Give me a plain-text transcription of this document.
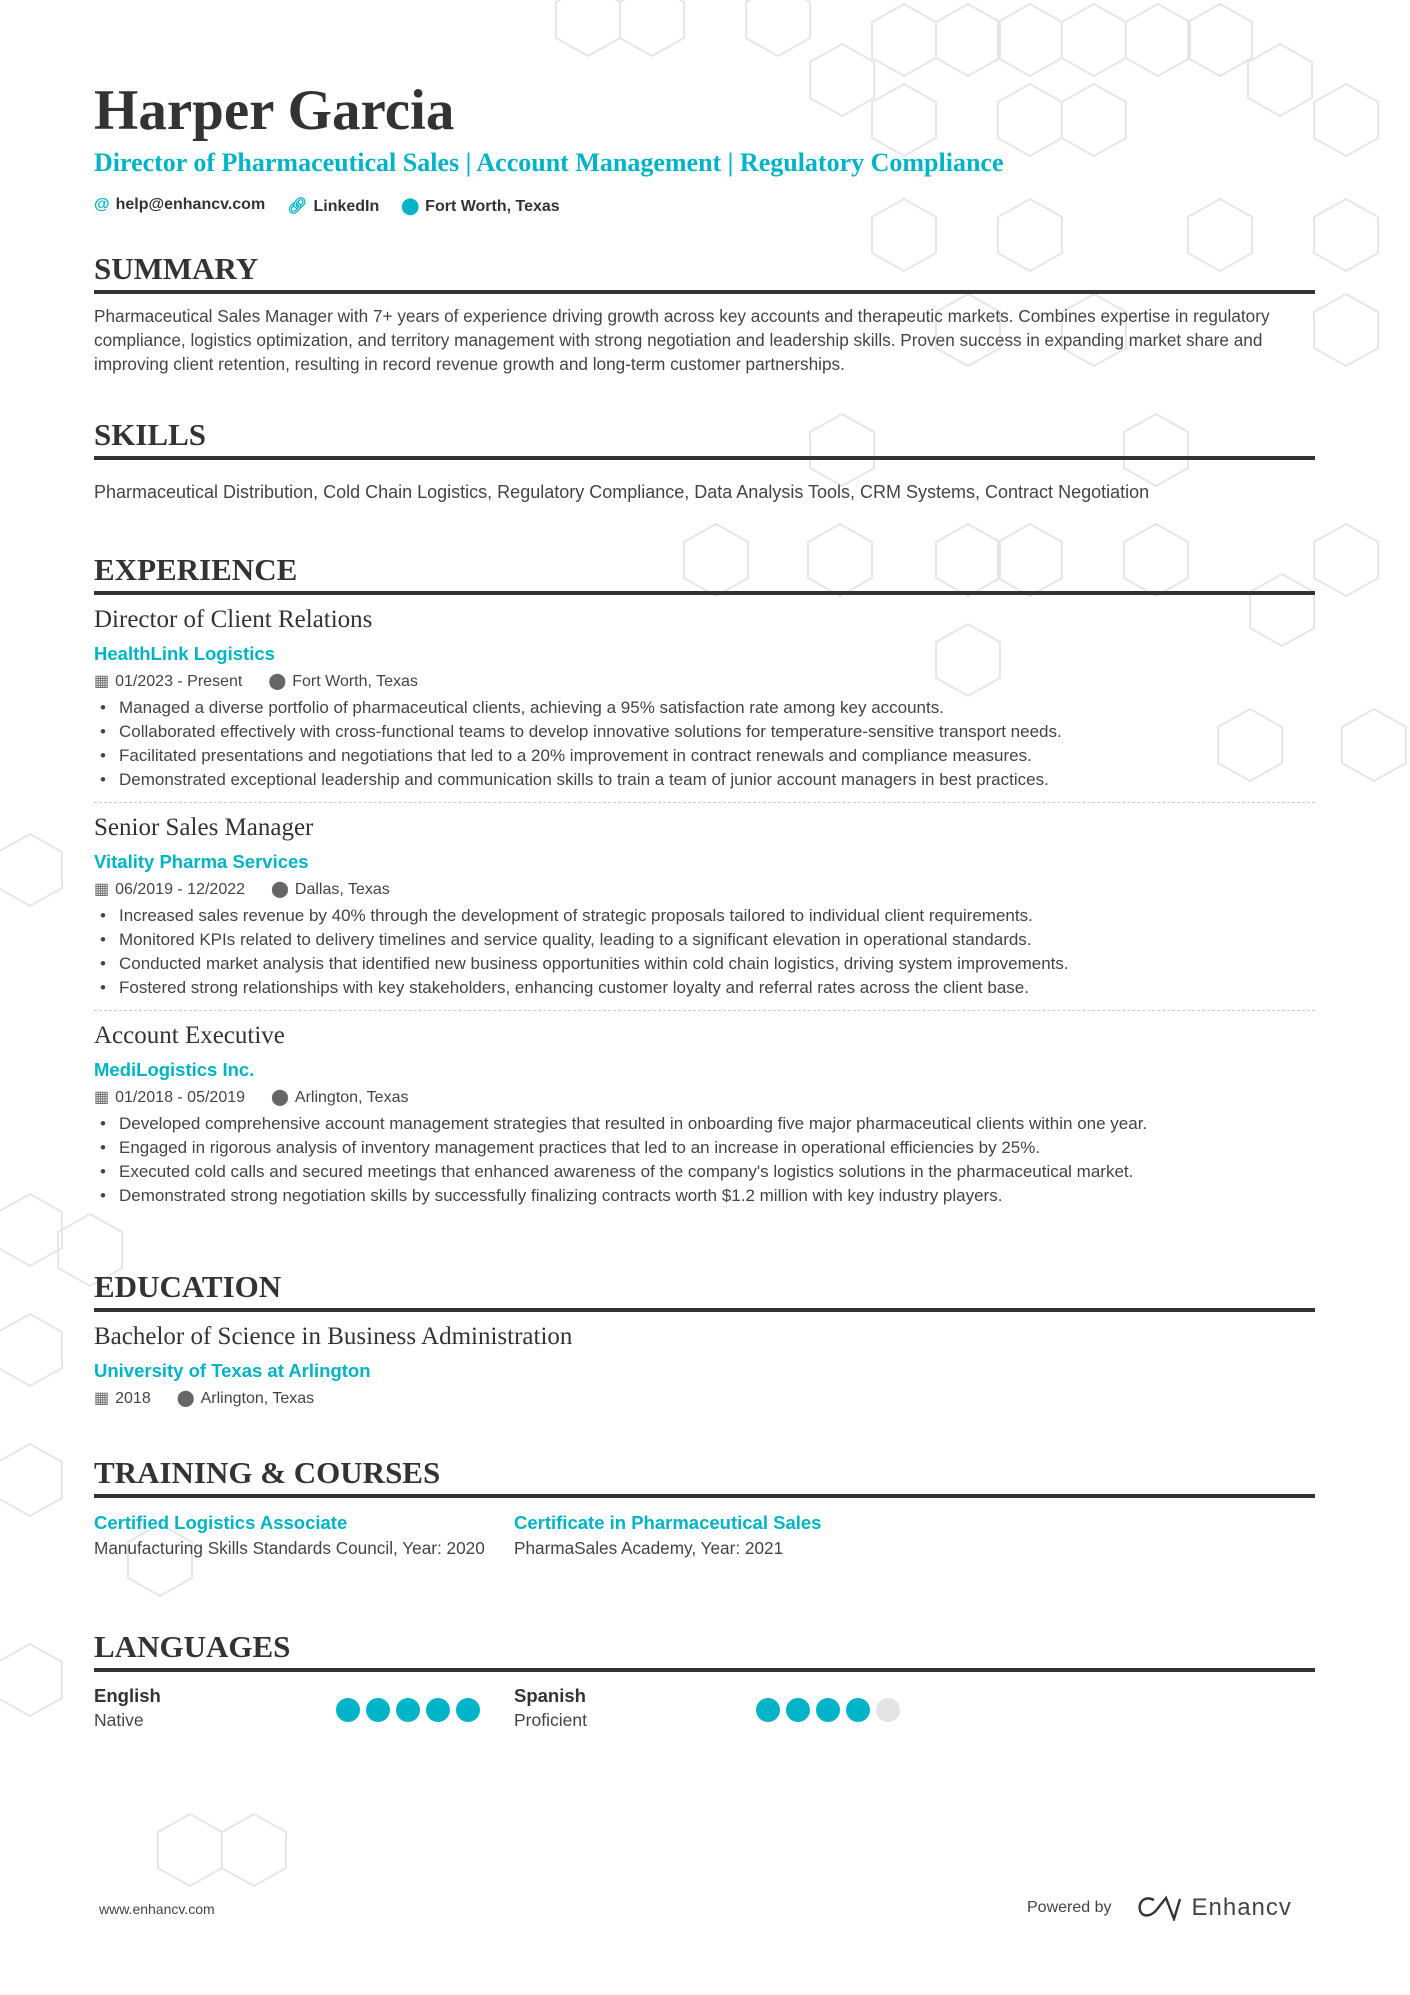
Harper Garcia
Director of Pharmaceutical Sales | Account Management | Regulatory Compliance
@ help@enhancv.com 🔗︎ LinkedIn ⬤ Fort Worth, Texas
SUMMARY
Pharmaceutical Sales Manager with 7+ years of experience driving growth across key accounts and therapeutic markets. Combines expertise in regulatory compliance, logistics optimization, and territory management with strong negotiation and leadership skills. Proven success in expanding market share and improving client retention, resulting in record revenue growth and long-term customer partnerships.
SKILLS
Pharmaceutical Distribution, Cold Chain Logistics, Regulatory Compliance, Data Analysis Tools, CRM Systems, Contract Negotiation
EXPERIENCE
Director of Client Relations
HealthLink Logistics
▦ 01/2023 - Present ⬤ Fort Worth, Texas
• Managed a diverse portfolio of pharmaceutical clients, achieving a 95% satisfaction rate among key accounts.
• Collaborated effectively with cross-functional teams to develop innovative solutions for temperature-sensitive transport needs.
• Facilitated presentations and negotiations that led to a 20% improvement in contract renewals and compliance measures.
• Demonstrated exceptional leadership and communication skills to train a team of junior account managers in best practices.
Senior Sales Manager
Vitality Pharma Services
▦ 06/2019 - 12/2022 ⬤ Dallas, Texas
• Increased sales revenue by 40% through the development of strategic proposals tailored to individual client requirements.
• Monitored KPIs related to delivery timelines and service quality, leading to a significant elevation in operational standards.
• Conducted market analysis that identified new business opportunities within cold chain logistics, driving system improvements.
• Fostered strong relationships with key stakeholders, enhancing customer loyalty and referral rates across the client base.
Account Executive
MediLogistics Inc.
▦ 01/2018 - 05/2019 ⬤ Arlington, Texas
• Developed comprehensive account management strategies that resulted in onboarding five major pharmaceutical clients within one year.
• Engaged in rigorous analysis of inventory management practices that led to an increase in operational efficiencies by 25%.
• Executed cold calls and secured meetings that enhanced awareness of the company's logistics solutions in the pharmaceutical market.
• Demonstrated strong negotiation skills by successfully finalizing contracts worth $1.2 million with key industry players.
EDUCATION
Bachelor of Science in Business Administration
University of Texas at Arlington
▦ 2018 ⬤ Arlington, Texas
TRAINING & COURSES
Certified Logistics Associate
Manufacturing Skills Standards Council, Year: 2020
Certificate in Pharmaceutical Sales
PharmaSales Academy, Year: 2021
LANGUAGES
English
Native
Spanish
Proficient
www.enhancv.com	Powered by	Enhancv
